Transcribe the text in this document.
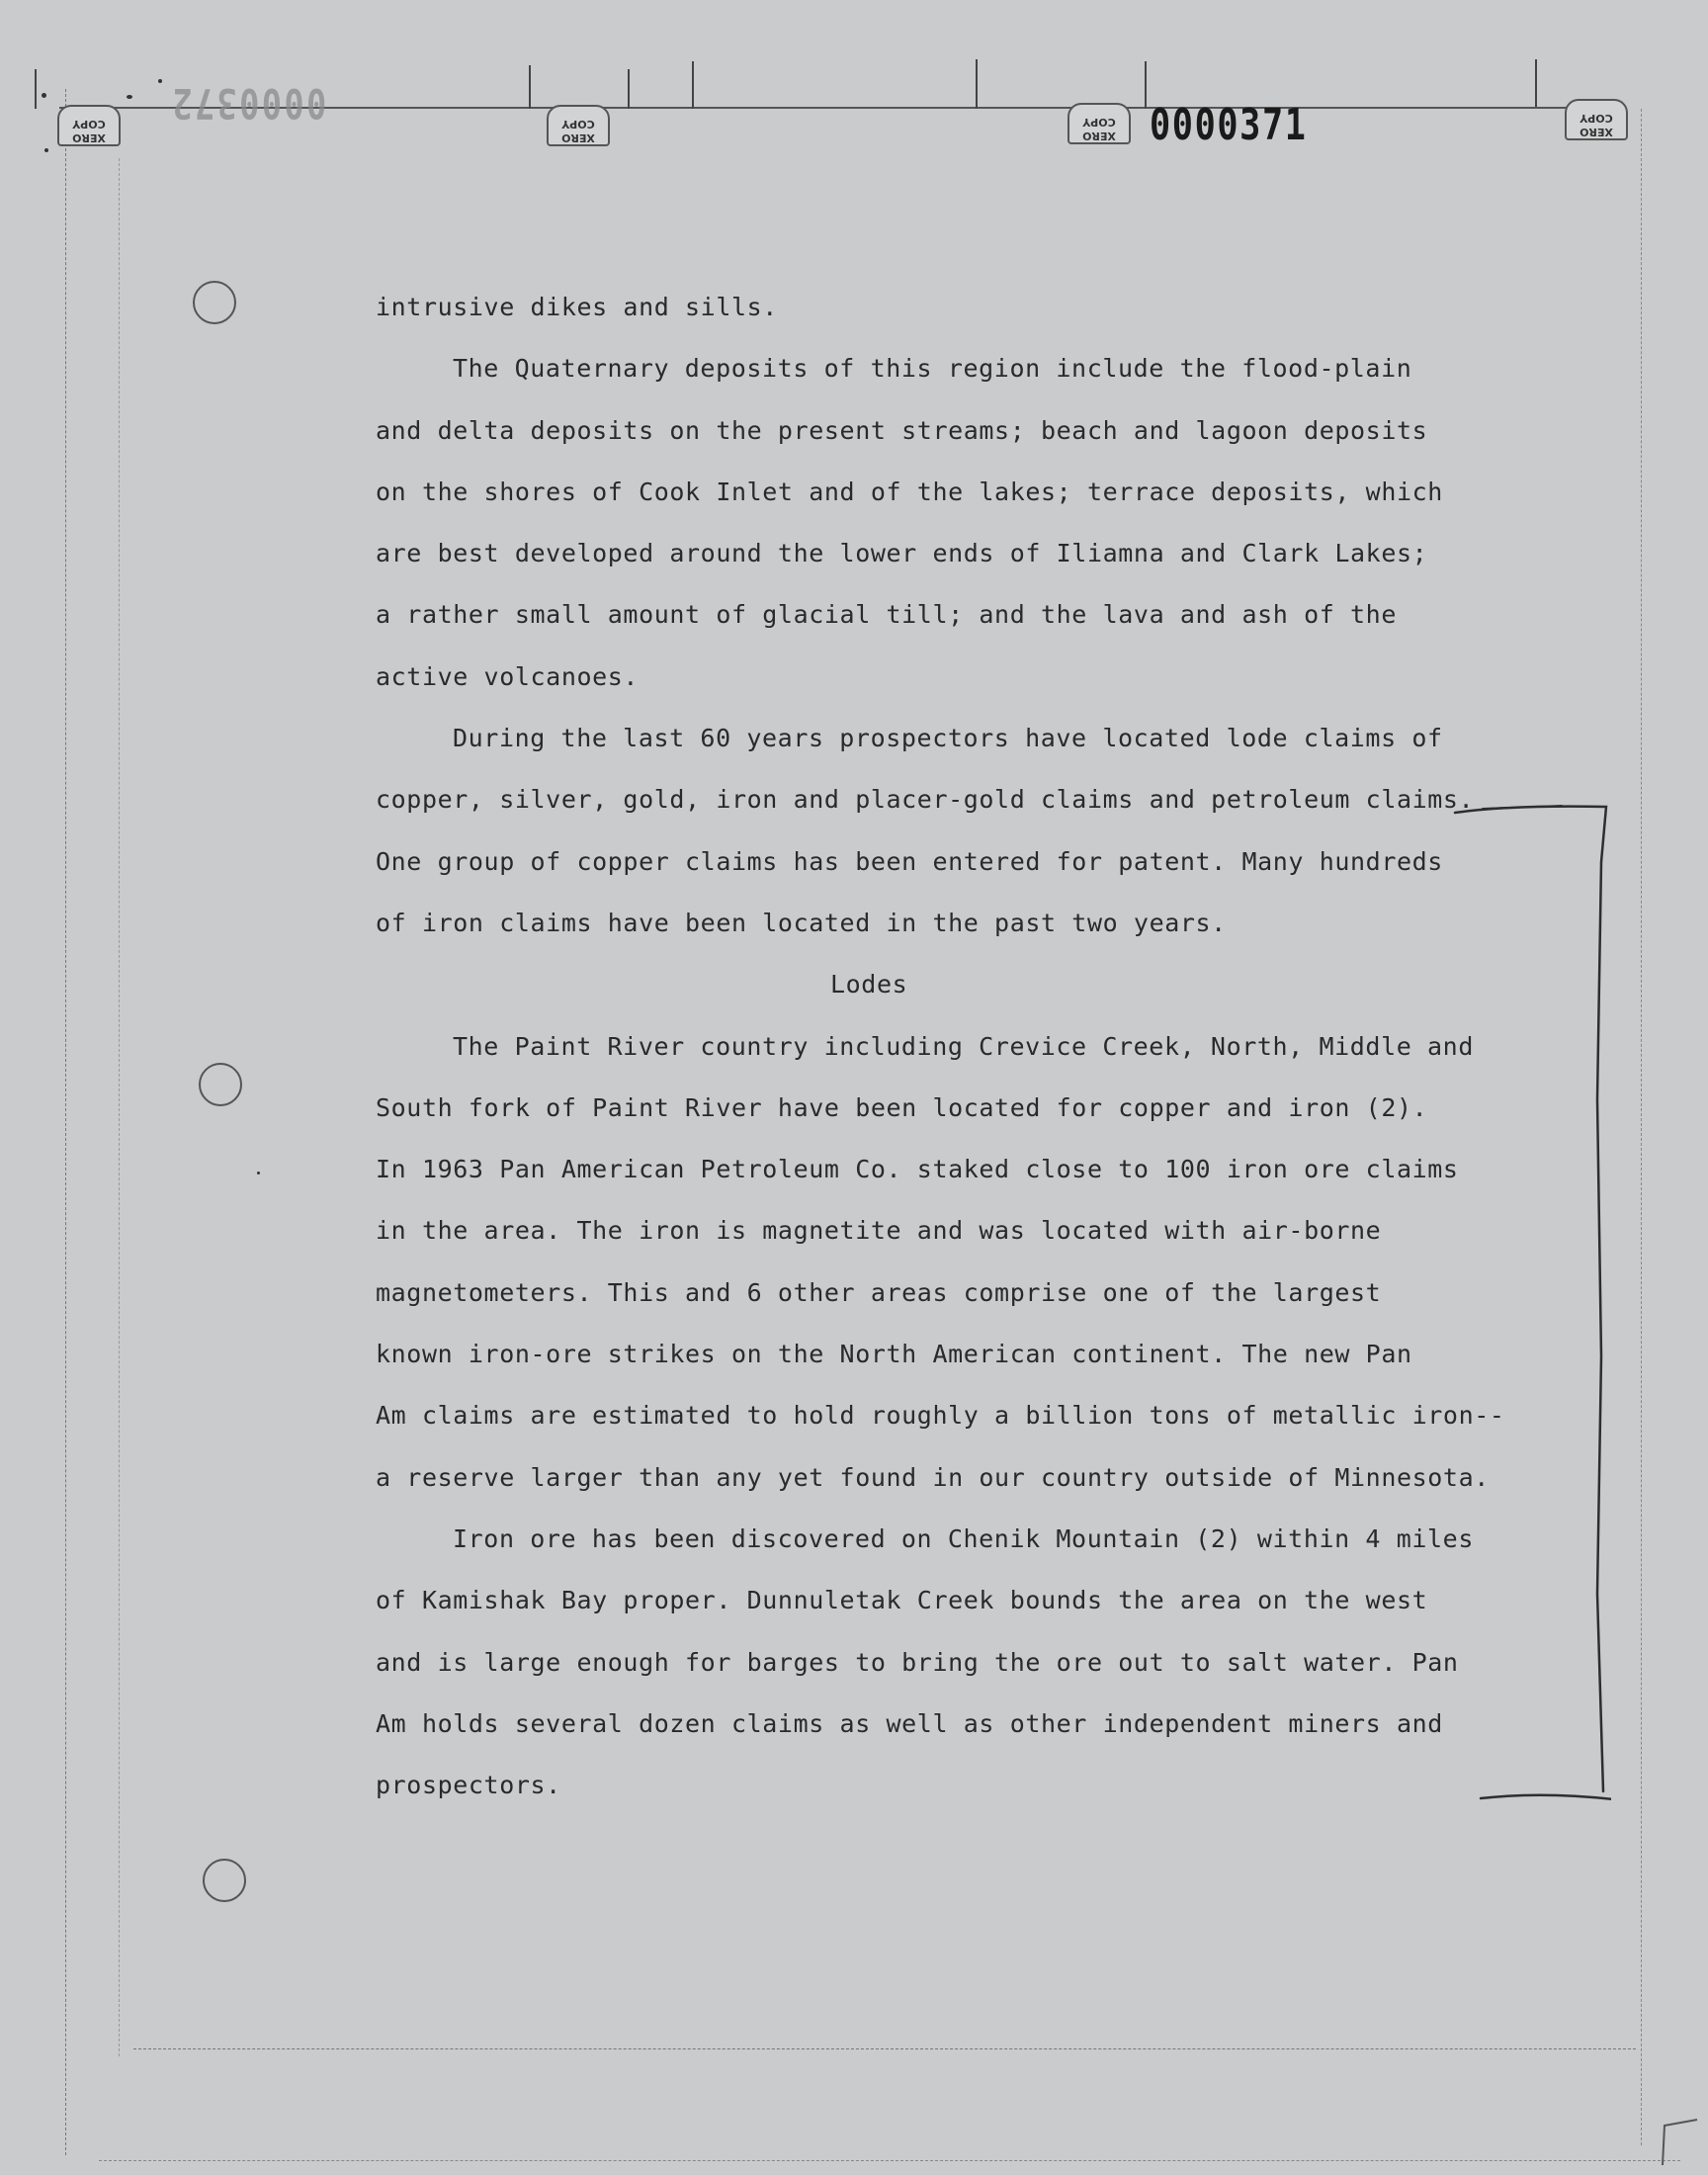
XERO
COPY
XERO
COPY
XERO
COPY
XERO
COPY
0000372	0000371
intrusive dikes and sills.
The Quaternary deposits of this region include the flood-plain
and delta deposits on the present streams; beach and lagoon deposits
on the shores of Cook Inlet and of the lakes; terrace deposits, which
are best developed around the lower ends of Iliamna and Clark Lakes;
a rather small amount of glacial till; and the lava and ash of the
active volcanoes.
During the last 60 years prospectors have located lode claims of
copper, silver, gold, iron and placer-gold claims and petroleum claims.
One group of copper claims has been entered for patent. Many hundreds
of iron claims have been located in the past two years.
Lodes
The Paint River country including Crevice Creek, North, Middle and
South fork of Paint River have been located for copper and iron (2).
In 1963 Pan American Petroleum Co. staked close to 100 iron ore claims
in the area. The iron is magnetite and was located with air-borne
magnetometers. This and 6 other areas comprise one of the largest
known iron-ore strikes on the North American continent. The new Pan
Am claims are estimated to hold roughly a billion tons of metallic iron--
a reserve larger than any yet found in our country outside of Minnesota.
Iron ore has been discovered on Chenik Mountain (2) within 4 miles
of Kamishak Bay proper. Dunnuletak Creek bounds the area on the west
and is large enough for barges to bring the ore out to salt water. Pan
Am holds several dozen claims as well as other independent miners and
prospectors.
